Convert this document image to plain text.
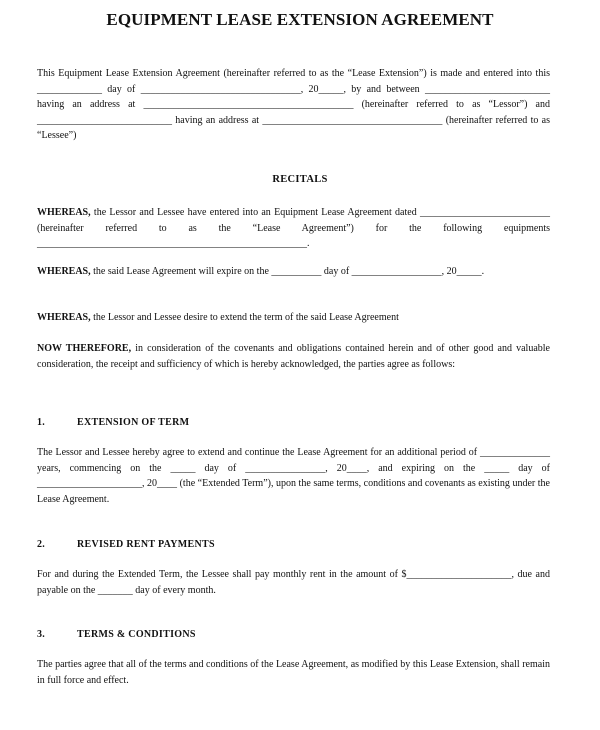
EQUIPMENT LEASE EXTENSION AGREEMENT
This Equipment Lease Extension Agreement (hereinafter referred to as the “Lease Extension”) is made and entered into this _____________ day of ________________________________, 20_____, by and between _________________________ having an address at __________________________________________ (hereinafter referred to as “Lessor”) and ___________________________ having an address at ____________________________________ (hereinafter referred to as “Lessee”)
RECITALS
WHEREAS, the Lessor and Lessee have entered into an Equipment Lease Agreement dated __________________________ (hereinafter referred to as the “Lease Agreement”) for the following equipments ______________________________________________________.
WHEREAS, the said Lease Agreement will expire on the __________ day of __________________, 20_____.
WHEREAS, the Lessor and Lessee desire to extend the term of the said Lease Agreement
NOW THEREFORE, in consideration of the covenants and obligations contained herein and of other good and valuable consideration, the receipt and sufficiency of which is hereby acknowledged, the parties agree as follows:
1.	EXTENSION OF TERM
The Lessor and Lessee hereby agree to extend and continue the Lease Agreement for an additional period of ______________ years, commencing on the _____ day of ________________, 20____, and expiring on the _____ day of _____________________, 20____ (the “Extended Term”), upon the same terms, conditions and covenants as existing under the Lease Agreement.
2.	REVISED RENT PAYMENTS
For and during the Extended Term, the Lessee shall pay monthly rent in the amount of $_____________________, due and payable on the _______ day of every month.
3.	TERMS & CONDITIONS
The parties agree that all of the terms and conditions of the Lease Agreement, as modified by this Lease Extension, shall remain in full force and effect.
